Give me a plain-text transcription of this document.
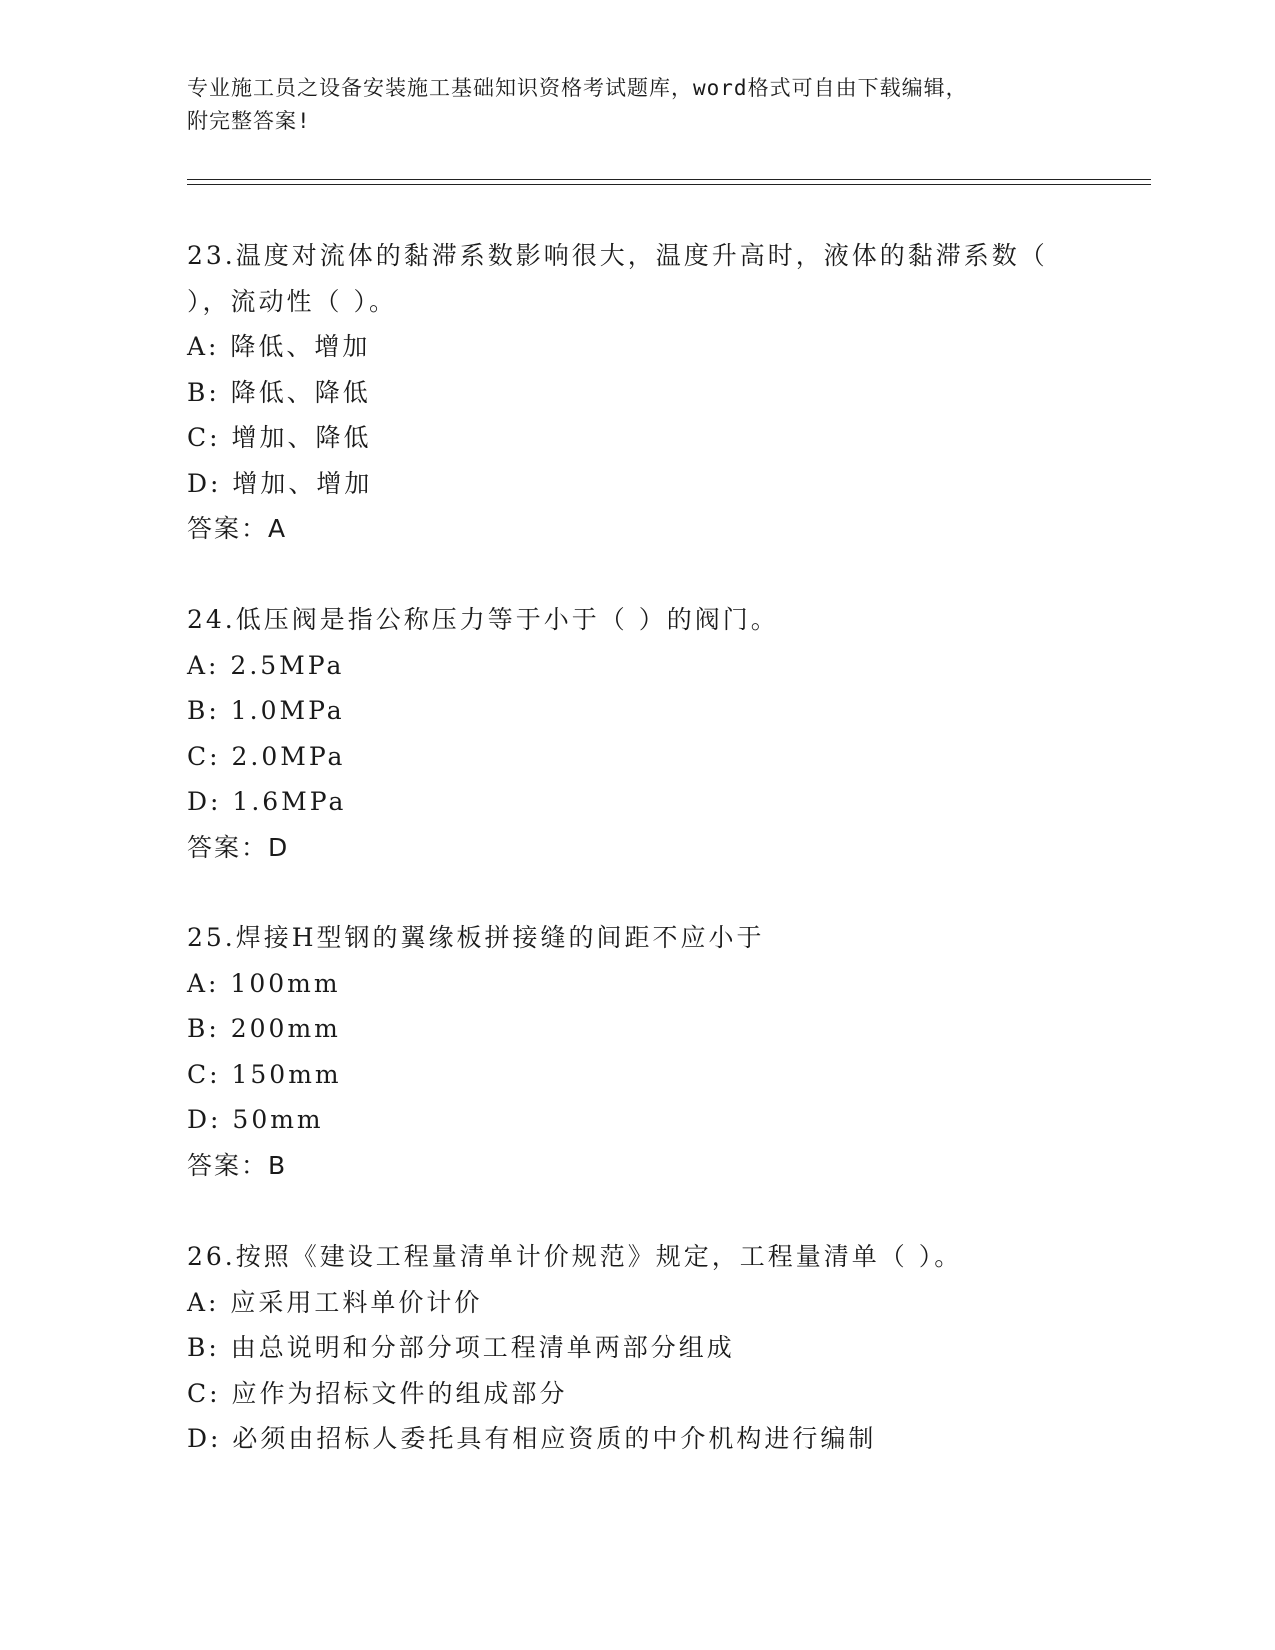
专业施工员之设备安装施工基础知识资格考试题库，word格式可自由下载编辑，
附完整答案!
23.温度对流体的黏滞系数影响很大，温度升高时，液体的黏滞系数（
），流动性（ ）。
A: 降低、增加
B: 降低、降低
C: 增加、降低
D: 增加、增加
答案：A
24.低压阀是指公称压力等于小于（ ）的阀门。
A: 2.5MPa
B: 1.0MPa
C: 2.0MPa
D: 1.6MPa
答案：D
25.焊接H型钢的翼缘板拼接缝的间距不应小于
A: 100mm
B: 200mm
C: 150mm
D: 50mm
答案：B
26.按照《建设工程量清单计价规范》规定，工程量清单（ ）。
A: 应采用工料单价计价
B: 由总说明和分部分项工程清单两部分组成
C: 应作为招标文件的组成部分
D: 必须由招标人委托具有相应资质的中介机构进行编制
